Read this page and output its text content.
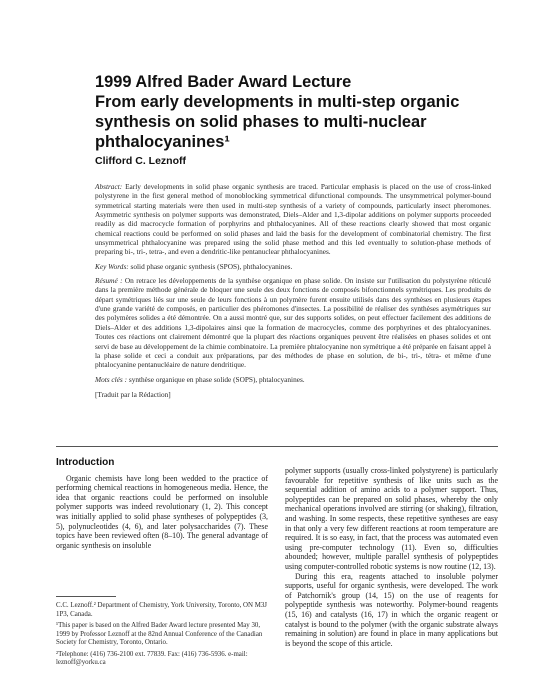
1999 Alfred Bader Award Lecture
From early developments in multi-step organic
synthesis on solid phases to multi-nuclear
phthalocyanines¹
Clifford C. Leznoff

Abstract: Early developments in solid phase organic synthesis are traced. Particular emphasis is placed on the use of cross-linked polystyrene in the first general method of monoblocking symmetrical difunctional compounds. The unsymmetrical polymer-bound symmetrical starting materials were then used in multi-step synthesis of a variety of compounds, particularly insect pheromones. Asymmetric synthesis on polymer supports was demonstrated, Diels–Alder and 1,3-dipolar additions on polymer supports proceeded readily as did macrocycle formation of porphyrins and phthalocyanines. All of these reactions clearly showed that most organic chemical reactions could be performed on solid phases and laid the basis for the development of combinatorial chemistry. The first unsymmetrical phthalocyanine was prepared using the solid phase method and this led eventually to solution-phase methods of preparing bi-, tri-, tetra-, and even a dendritic-like pentanuclear phthalocyanines.

Key Words: solid phase organic synthesis (SPOS), phthalocyanines.

Résumé : On retrace les développements de la synthèse organique en phase solide. On insiste sur l'utilisation du polystyrène réticulé dans la première méthode générale de bloquer une seule des deux fonctions de composés bifonctionnels symétriques. Les produits de départ symétriques liés sur une seule de leurs fonctions à un polymère furent ensuite utilisés dans des synthèses en plusieurs étapes d'une grande variété de composés, en particulier des phéromones d'insectes. La possibilité de réaliser des synthèses asymétriques sur des polymères solides a été démontrée. On a aussi montré que, sur des supports solides, on peut effectuer facilement des additions de Diels–Alder et des additions 1,3-dipolaires ainsi que la formation de macrocycles, comme des porphyrines et des phtalocyanines. Toutes ces réactions ont clairement démontré que la plupart des réactions organiques peuvent être réalisées en phases solides et ont servi de base au développement de la chimie combinatoire. La première phtalocyanine non symétrique a été préparée en faisant appel à la phase solide et ceci a conduit aux préparations, par des méthodes de phase en solution, de bi-, tri-, tétra- et même d'une phtalocyanine pentanucléaire de nature dendritique.

Mots clés : synthèse organique en phase solide (SOPS), phtalocyanines.

[Traduit par la Rédaction]

Introduction

Organic chemists have long been wedded to the practice of performing chemical reactions in homogeneous media. Hence, the idea that organic reactions could be performed on insoluble polymer supports was indeed revolutionary (1, 2). This concept was initially applied to solid phase syntheses of polypeptides (3, 5), polynucleotides (4, 6), and later polysaccharides (7). These topics have been reviewed often (8–10). The general advantage of organic synthesis on insoluble

C.C. Leznoff.² Department of Chemistry, York University, Toronto, ON M3J 1P3, Canada.

¹This paper is based on the Alfred Bader Award lecture presented May 30, 1999 by Professor Leznoff at the 82nd Annual Conference of the Canadian Society for Chemistry, Toronto, Ontario.

²Telephone: (416) 736-2100 ext. 77839. Fax: (416) 736-5936. e-mail: leznoff@yorku.ca

polymer supports (usually cross-linked polystyrene) is particularly favourable for repetitive synthesis of like units such as the sequential addition of amino acids to a polymer support. Thus, polypeptides can be prepared on solid phases, whereby the only mechanical operations involved are stirring (or shaking), filtration, and washing. In some respects, these repetitive syntheses are easy in that only a very few different reactions at room temperature are required. It is so easy, in fact, that the process was automated even using pre-computer technology (11). Even so, difficulties abounded; however, multiple parallel synthesis of polypeptides using computer-controlled robotic systems is now routine (12, 13).

During this era, reagents attached to insoluble polymer supports, useful for organic synthesis, were developed. The work of Patchornik's group (14, 15) on the use of reagents for polypeptide synthesis was noteworthy. Polymer-bound reagents (15, 16) and catalysts (16, 17) in which the organic reagent or catalyst is bound to the polymer (with the organic substrate always remaining in solution) are found in place in many applications but is beyond the scope of this article.
